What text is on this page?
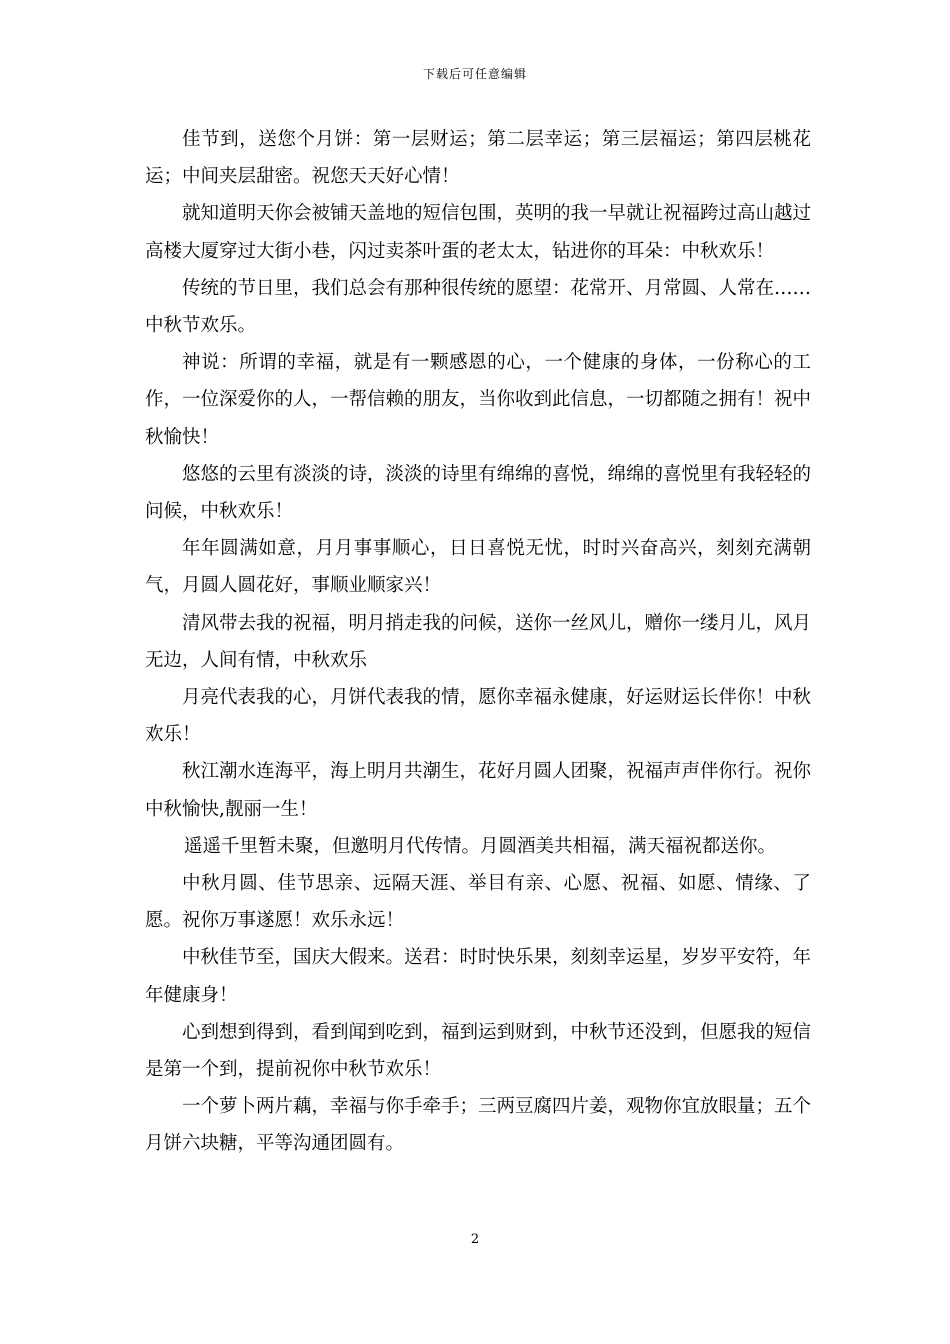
下载后可任意编辑

佳节到，送您个月饼：第一层财运；第二层幸运；第三层福运；第四层桃花运；中间夹层甜密。祝您天天好心情！

就知道明天你会被铺天盖地的短信包围，英明的我一早就让祝福跨过高山越过高楼大厦穿过大街小巷，闪过卖茶叶蛋的老太太，钻进你的耳朵：中秋欢乐！

传统的节日里，我们总会有那种很传统的愿望：花常开、月常圆、人常在……中秋节欢乐。

神说：所谓的幸福，就是有一颗感恩的心，一个健康的身体，一份称心的工作，一位深爱你的人，一帮信赖的朋友，当你收到此信息，一切都随之拥有！祝中秋愉快！

悠悠的云里有淡淡的诗，淡淡的诗里有绵绵的喜悦，绵绵的喜悦里有我轻轻的问候，中秋欢乐！

年年圆满如意，月月事事顺心，日日喜悦无忧，时时兴奋高兴，刻刻充满朝气，月圆人圆花好，事顺业顺家兴！

清风带去我的祝福，明月捎走我的问候，送你一丝风儿，赠你一缕月儿，风月无边，人间有情，中秋欢乐

月亮代表我的心，月饼代表我的情，愿你幸福永健康，好运财运长伴你！中秋欢乐！

秋江潮水连海平，海上明月共潮生，花好月圆人团聚，祝福声声伴你行。祝你中秋愉快,靓丽一生！

遥遥千里暂未聚，但邀明月代传情。月圆酒美共相福，满天福祝都送你。

中秋月圆、佳节思亲、远隔天涯、举目有亲、心愿、祝福、如愿、情缘、了愿。祝你万事遂愿！欢乐永远！

中秋佳节至，国庆大假来。送君：时时快乐果，刻刻幸运星，岁岁平安符，年年健康身！

心到想到得到，看到闻到吃到，福到运到财到，中秋节还没到，但愿我的短信是第一个到，提前祝你中秋节欢乐！

一个萝卜两片藕，幸福与你手牵手；三两豆腐四片姜，观物你宜放眼量；五个月饼六块糖，平等沟通团圆有。

2
